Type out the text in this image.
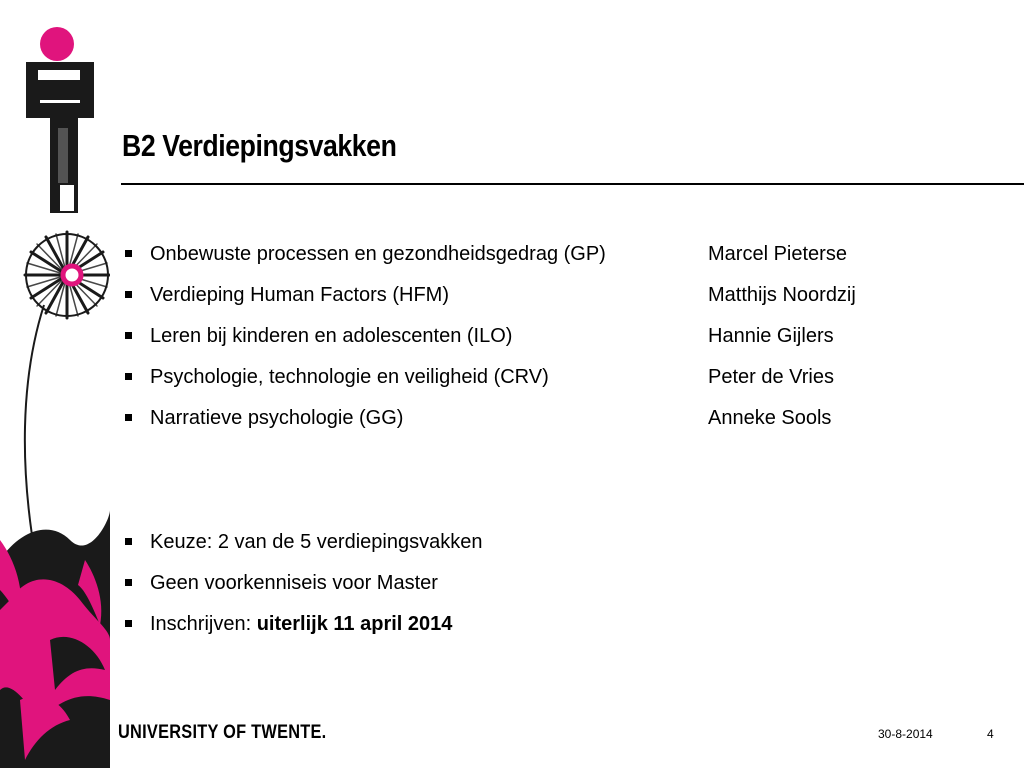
B2 Verdiepingsvakken
Onbewuste processen en gezondheidsgedrag (GP)	Marcel Pieterse
Verdieping Human Factors (HFM)	Matthijs Noordzij
Leren bij kinderen en adolescenten (ILO)	Hannie Gijlers
Psychologie, technologie en veiligheid (CRV)	Peter de Vries
Narratieve psychologie (GG)	Anneke Sools
Keuze: 2 van de 5 verdiepingsvakken
Geen voorkenniseis voor Master
Inschrijven: uiterlijk 11 april 2014
UNIVERSITY OF TWENTE.	30-8-2014	4
